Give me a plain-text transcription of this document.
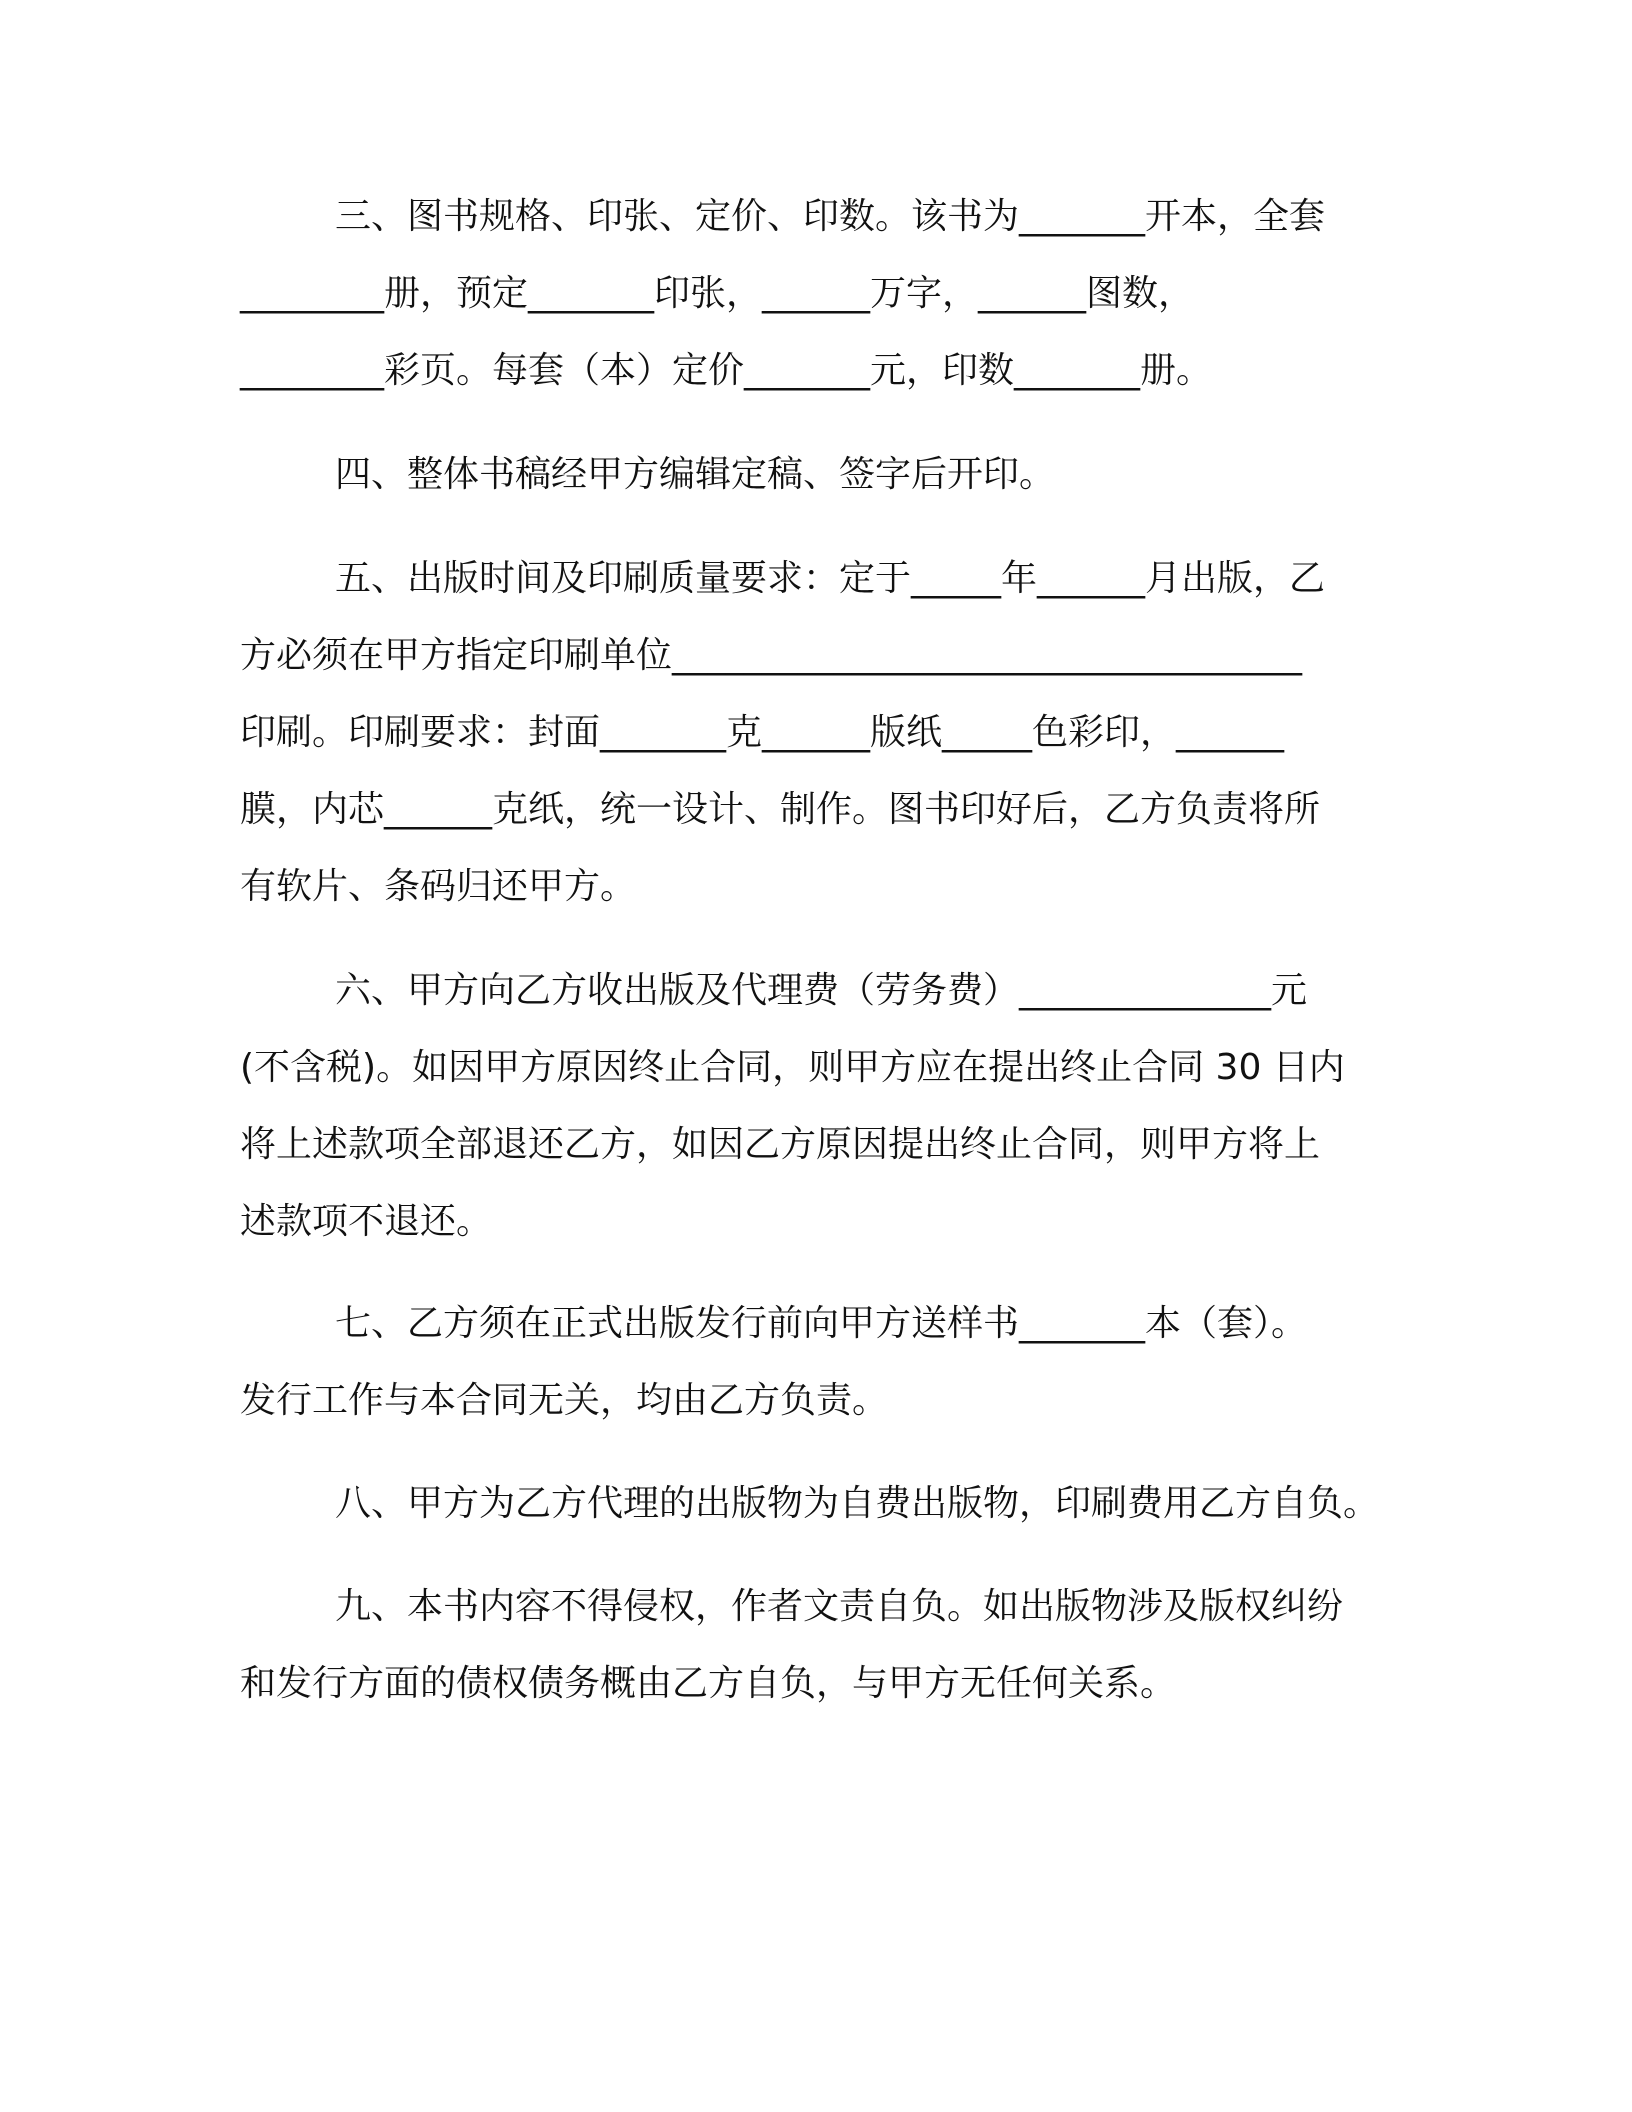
三、图书规格、印张、定价、印数。该书为_______开本，全套
________册，预定_______印张，______万字，______图数，
________彩页。每套（本）定价_______元，印数_______册。
四、整体书稿经甲方编辑定稿、签字后开印。
五、出版时间及印刷质量要求：定于_____年______月出版，乙
方必须在甲方指定印刷单位___________________________________
印刷。印刷要求：封面_______克______版纸_____色彩印，______
膜，内芯______克纸，统一设计、制作。图书印好后，乙方负责将所
有软片、条码归还甲方。
六、甲方向乙方收出版及代理费（劳务费）______________元
(不含税)。如因甲方原因终止合同，则甲方应在提出终止合同 30 日内
将上述款项全部退还乙方，如因乙方原因提出终止合同，则甲方将上
述款项不退还。
七、乙方须在正式出版发行前向甲方送样书_______本（套）。
发行工作与本合同无关，均由乙方负责。
八、甲方为乙方代理的出版物为自费出版物，印刷费用乙方自负。
九、本书内容不得侵权，作者文责自负。如出版物涉及版权纠纷
和发行方面的债权债务概由乙方自负，与甲方无任何关系。
